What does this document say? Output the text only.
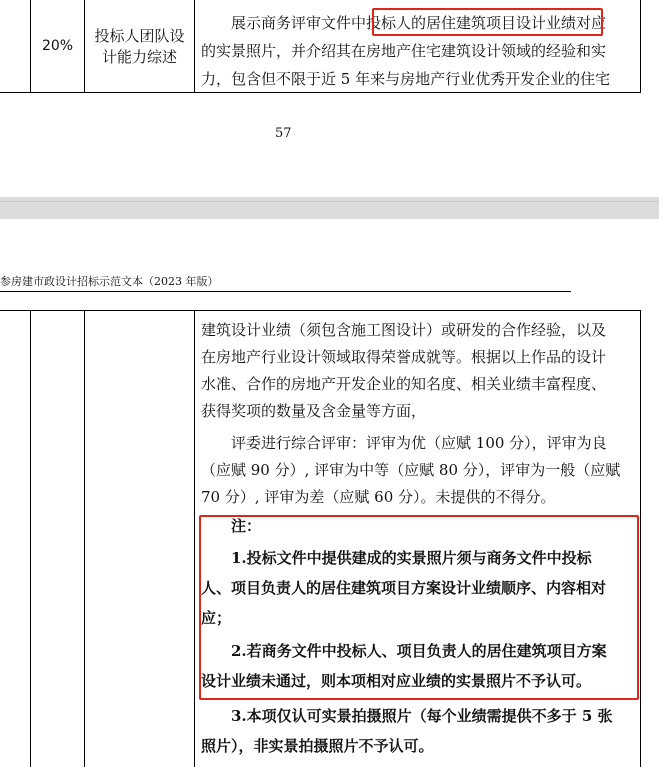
20%
投标人团队设
计能力综述
展示商务评审文件中投标人的居住建筑项目设计业绩对应
的实景照片，并介绍其在房地产住宅建筑设计领域的经验和实
力，包含但不限于近 5 年来与房地产行业优秀开发企业的住宅
57
参房建市政设计招标示范文本（2023 年版）
建筑设计业绩（须包含施工图设计）或研发的合作经验，以及
在房地产行业设计领域取得荣誉成就等。根据以上作品的设计
水准、合作的房地产开发企业的知名度、相关业绩丰富程度、
获得奖项的数量及含金量等方面，
评委进行综合评审：评审为优（应赋 100 分），评审为良
（应赋 90 分）, 评审为中等（应赋 80 分），评审为一般（应赋
70 分）, 评审为差（应赋 60 分）。未提供的不得分。
注：
1.投标文件中提供建成的实景照片须与商务文件中投标
人、项目负责人的居住建筑项目方案设计业绩顺序、内容相对
应；
2.若商务文件中投标人、项目负责人的居住建筑项目方案
设计业绩未通过，则本项相对应业绩的实景照片不予认可。
3.本项仅认可实景拍摄照片（每个业绩需提供不多于 5 张
照片），非实景拍摄照片不予认可。
